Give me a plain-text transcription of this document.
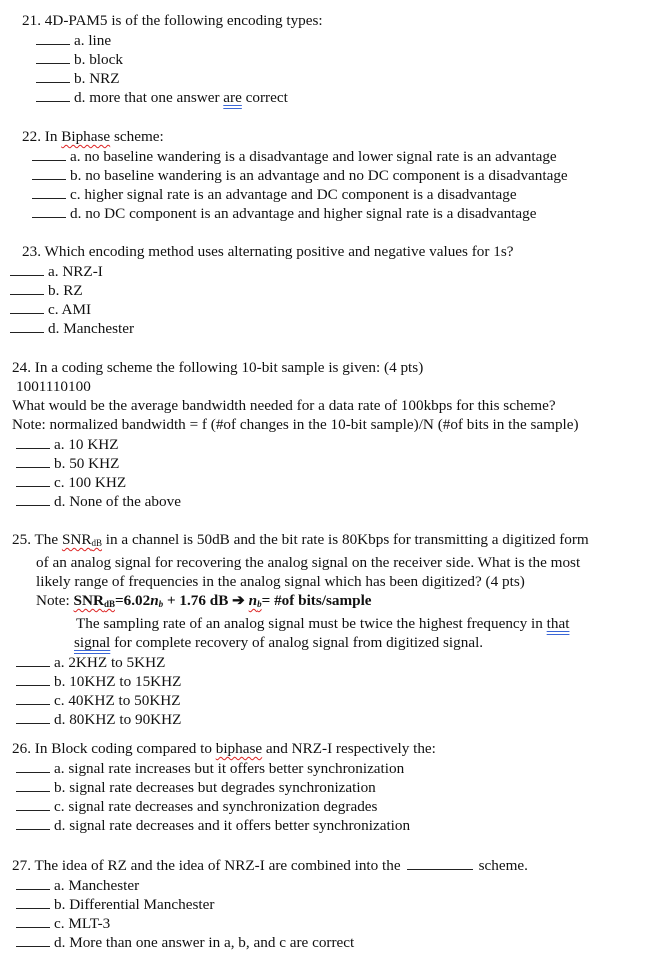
21. 4D-PAM5 is of the following encoding types:
a. line
b. block
b. NRZ
d. more that one answer are correct
22. In Biphase scheme:
a. no baseline wandering is a disadvantage and lower signal rate is an advantage
b. no baseline wandering is an advantage and no DC component is a disadvantage
c. higher signal rate is an advantage and DC component is a disadvantage
d. no DC component is an advantage and higher signal rate is a disadvantage
23. Which encoding method uses alternating positive and negative values for 1s?
a. NRZ-I
b. RZ
c. AMI
d. Manchester
24. In a coding scheme the following 10-bit sample is given: (4 pts)
1001110100
What would be the average bandwidth needed for a data rate of 100kbps for this scheme?
Note: normalized bandwidth = f (#of changes in the 10-bit sample)/N (#of bits in the sample)
a. 10 KHZ
b. 50 KHZ
c. 100 KHZ
d. None of the above
25. The $SNR_{dB}$ in a channel is 50dB and the bit rate is 80Kbps for transmitting a digitized form
of an analog signal for recovering the analog signal on the receiver side. What is the most
likely range of frequencies in the analog signal which has been digitized? (4 pts)
Note: $SNR_{dB}=6.02n_b + 1.76$ dB ➔ $n_b=$ #of bits/sample
The sampling rate of an analog signal must be twice the highest frequency in that
signal for complete recovery of analog signal from digitized signal.
a. 2KHZ to 5KHZ
b. 10KHZ to 15KHZ
c. 40KHZ to 50KHZ
d. 80KHZ to 90KHZ
26. In Block coding compared to biphase and NRZ-I respectively the:
a. signal rate increases but it offers better synchronization
b. signal rate decreases but degrades synchronization
c. signal rate decreases and synchronization degrades
d. signal rate decreases and it offers better synchronization
27. The idea of RZ and the idea of NRZ-I are combined into the	scheme.
a. Manchester
b. Differential Manchester
c. MLT-3
d. More than one answer in a, b, and c are correct
